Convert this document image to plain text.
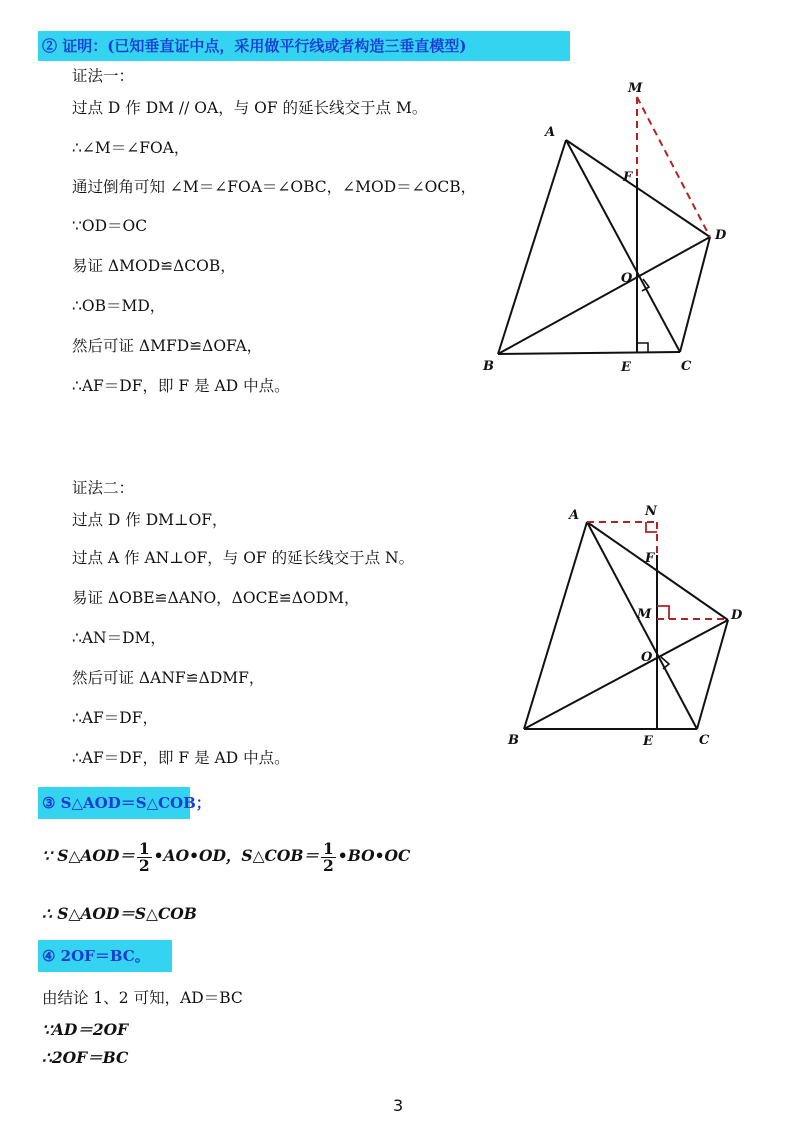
② 证明：(已知垂直证中点，采用做平行线或者构造三垂直模型)
证法一：
过点 D 作 DM // OA，与 OF 的延长线交于点 M。
∴∠M＝∠FOA，
通过倒角可知 ∠M＝∠FOA＝∠OBC，∠MOD＝∠OCB，
∵OD＝OC
易证 ΔMOD≌ΔCOB，
∴OB＝MD，
然后可证 ΔMFD≌ΔOFA，
∴AF＝DF，即 F 是 AD 中点。
M
A
F
D
O
B	E	C
证法二：
过点 D 作 DM⊥OF，
过点 A 作 AN⊥OF，与 OF 的延长线交于点 N。
易证 ΔOBE≌ΔANO，ΔOCE≌ΔODM，
∴AN＝DM，
然后可证 ΔANF≌ΔDMF，
∴AF＝DF，
∴AF＝DF，即 F 是 AD 中点。
A	N
F
M	D
O
B	E	C
③ S△AOD＝S△COB；
∵ S△AOD＝ $\frac{1}{2}$ •AO•OD，S△COB＝ $\frac{1}{2}$ •BO•OC
∴ S△AOD＝S△COB
④ 2OF＝BC。
由结论 1、2 可知，AD＝BC
∵AD＝2OF
∴2OF＝BC
3
